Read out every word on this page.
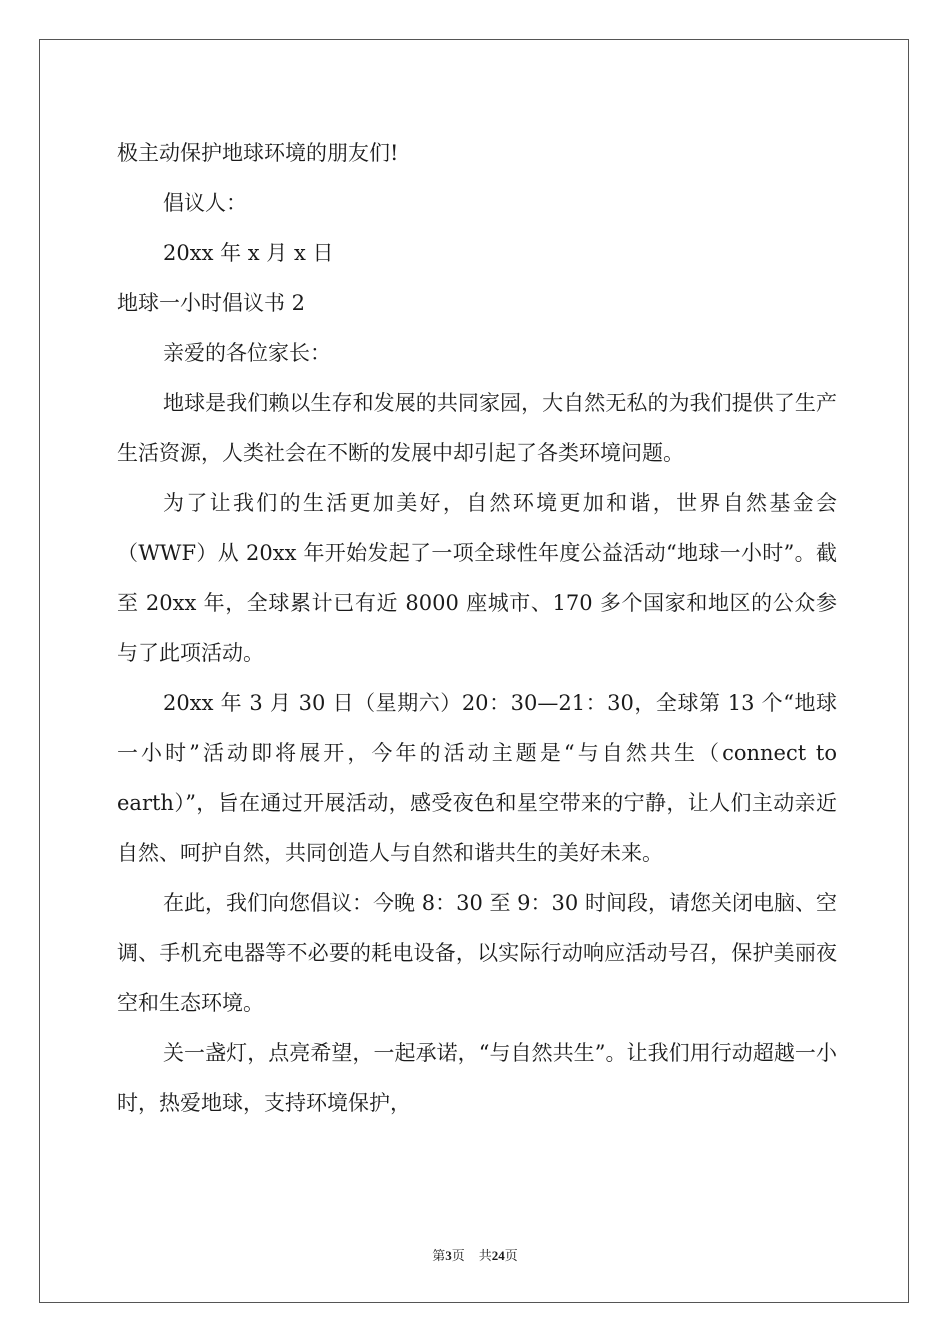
极主动保护地球环境的朋友们!

倡议人：

20xx 年 x 月 x 日

地球一小时倡议书 2

亲爱的各位家长：

地球是我们赖以生存和发展的共同家园，大自然无私的为我们提供了生产生活资源，人类社会在不断的发展中却引起了各类环境问题。

为了让我们的生活更加美好，自然环境更加和谐，世界自然基金会（WWF）从 20xx 年开始发起了一项全球性年度公益活动“地球一小时”。截至 20xx 年，全球累计已有近 8000 座城市、170 多个国家和地区的公众参与了此项活动。

20xx 年 3 月 30 日（星期六）20：30—21：30，全球第 13 个“地球一小时”活动即将展开，今年的活动主题是“与自然共生（connect to earth）”，旨在通过开展活动，感受夜色和星空带来的宁静，让人们主动亲近自然、呵护自然，共同创造人与自然和谐共生的美好未来。

在此，我们向您倡议：今晚 8：30 至 9：30 时间段，请您关闭电脑、空调、手机充电器等不必要的耗电设备，以实际行动响应活动号召，保护美丽夜空和生态环境。

关一盏灯，点亮希望，一起承诺，“与自然共生”。让我们用行动超越一小时，热爱地球，支持环境保护，

第3页 共24页
